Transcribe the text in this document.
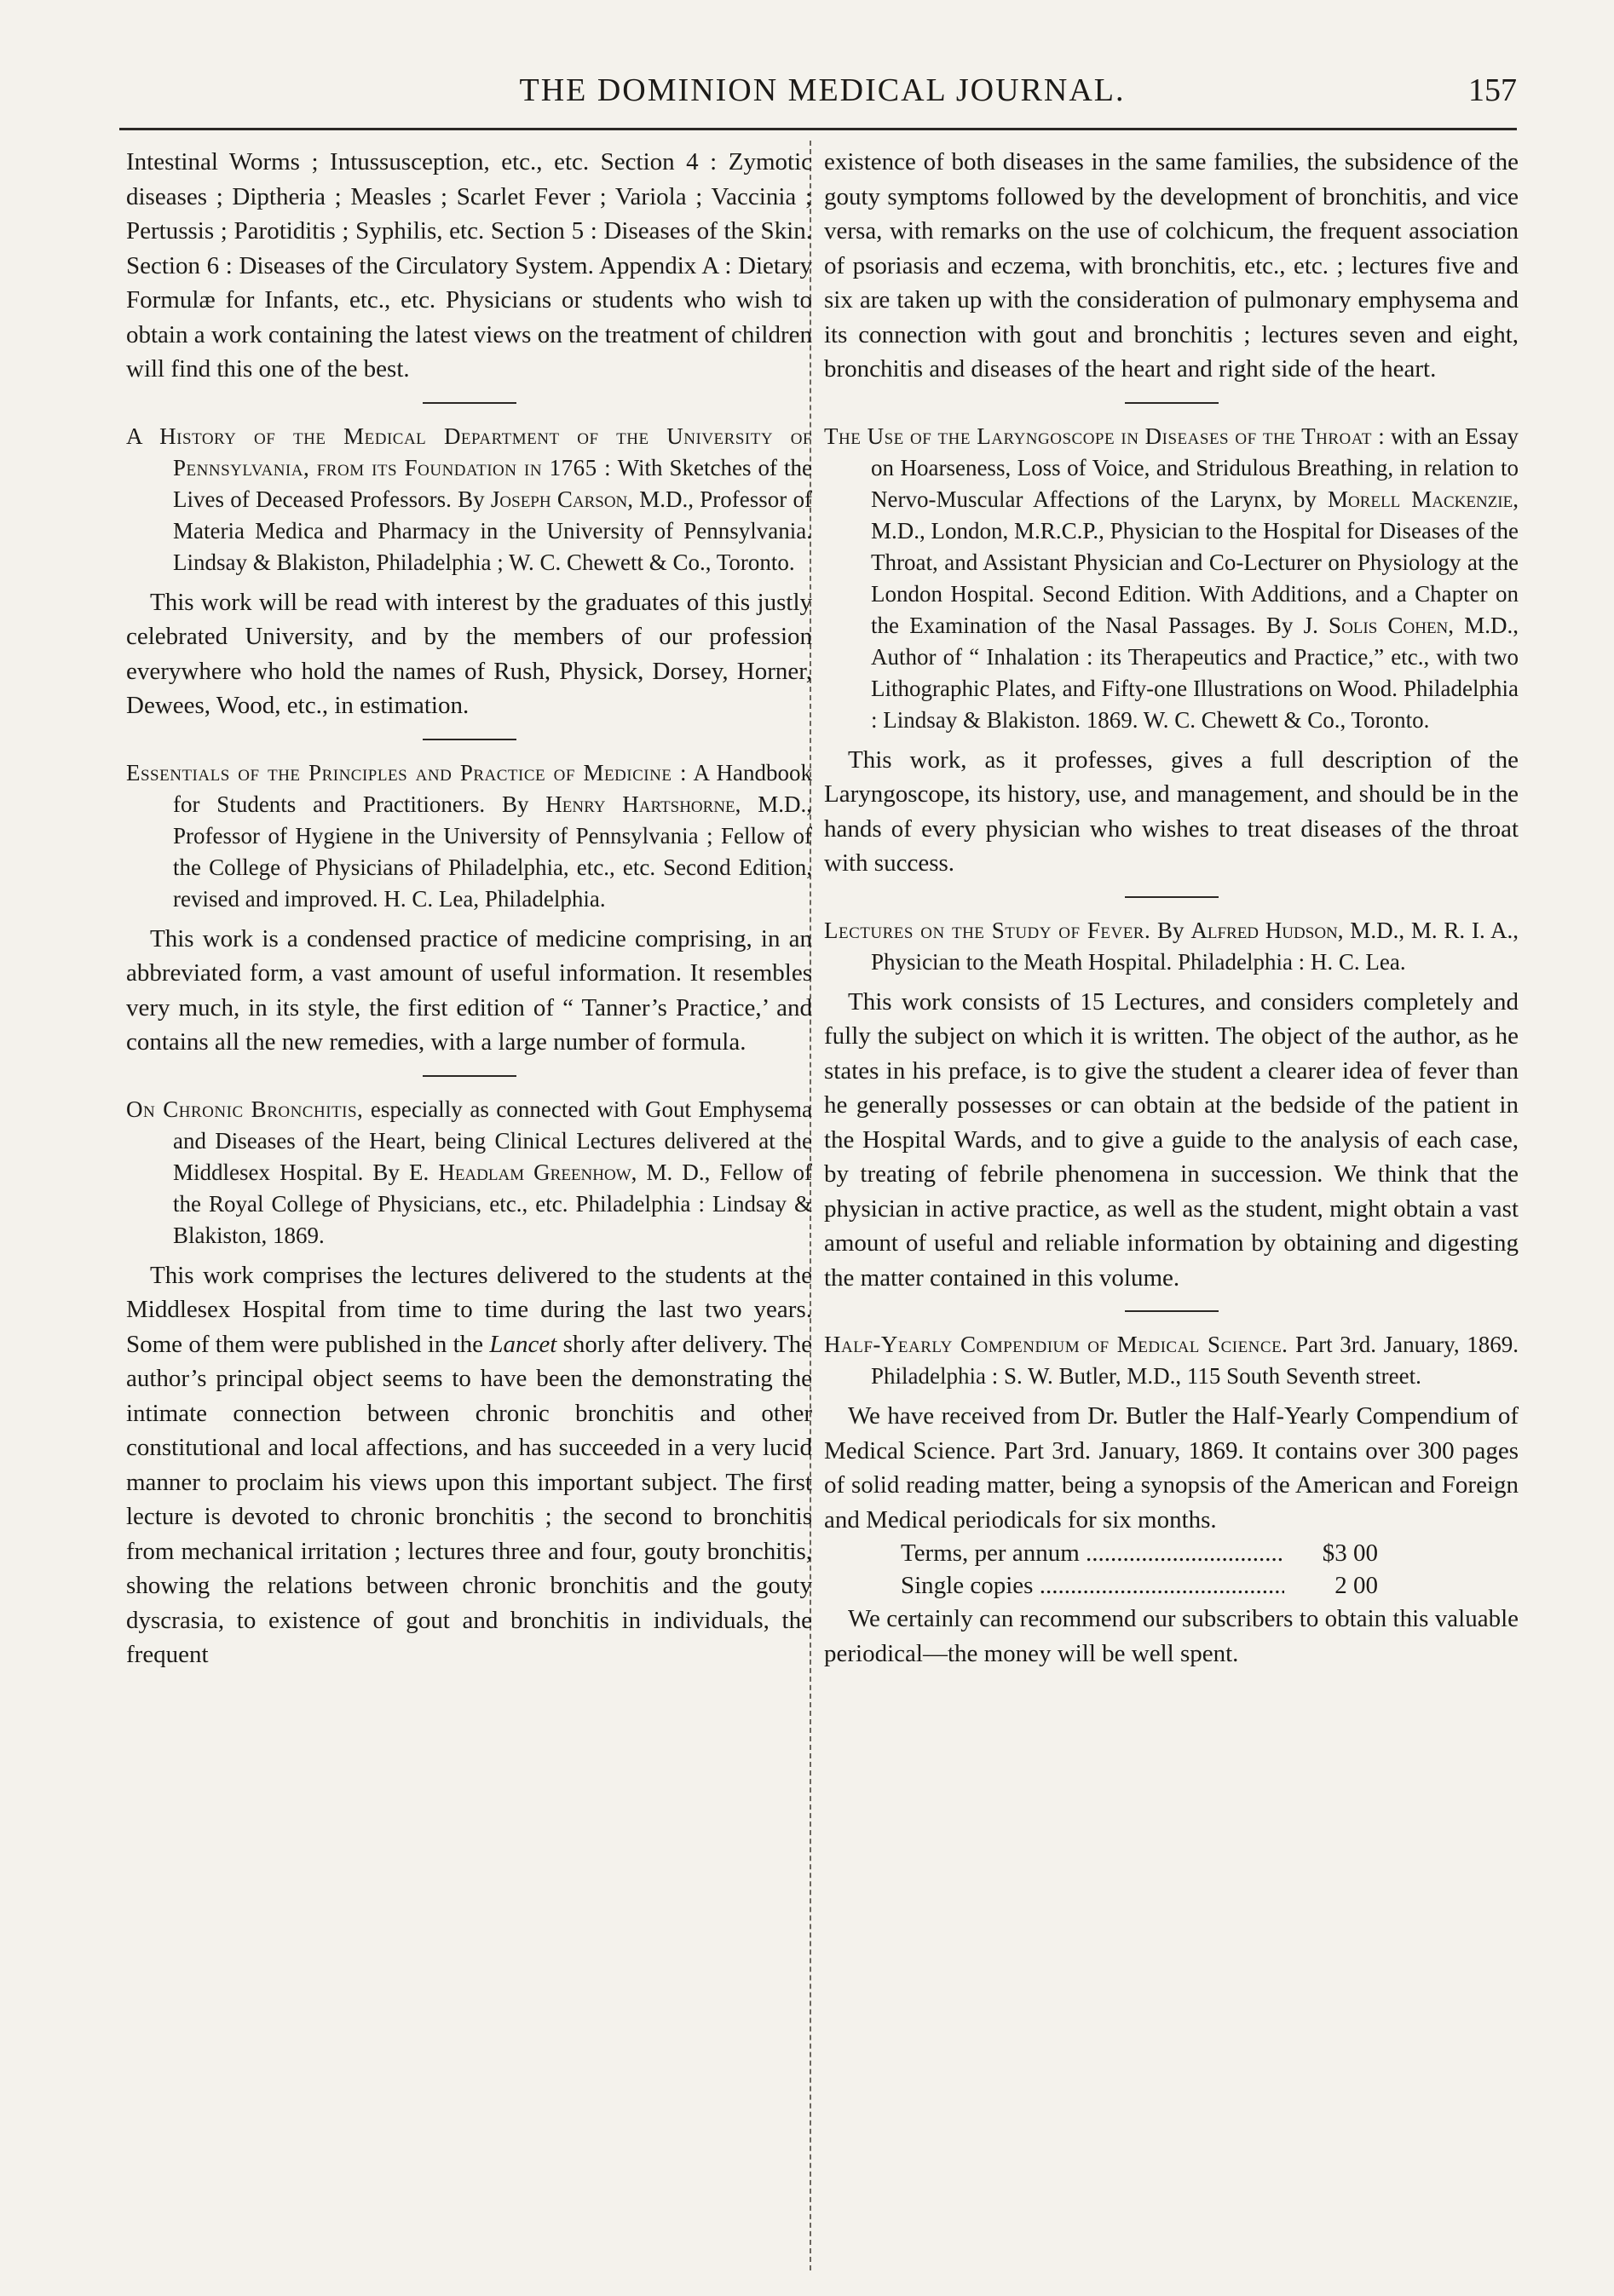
THE DOMINION MEDICAL JOURNAL.	157

Intestinal Worms ; Intussusception, etc., etc. Section 4 : Zymotic diseases ; Diptheria ; Measles ; Scarlet Fever ; Variola ; Vaccinia ; Pertussis ; Parotiditis ; Syphilis, etc. Section 5 : Diseases of the Skin. Section 6 : Diseases of the Circulatory System. Appendix A : Dietary Formulæ for Infants, etc., etc. Physicians or students who wish to obtain a work containing the latest views on the treatment of children will find this one of the best.

A History of the Medical Department of the University of Pennsylvania, from its Foundation in 1765 : With Sketches of the Lives of Deceased Professors. By Joseph Carson, M.D., Professor of Materia Medica and Pharmacy in the University of Pennsylvania. Lindsay & Blakiston, Philadelphia ; W. C. Chewett & Co., Toronto.

This work will be read with interest by the graduates of this justly celebrated University, and by the members of our profession everywhere who hold the names of Rush, Physick, Dorsey, Horner, Dewees, Wood, etc., in estimation.

Essentials of the Principles and Practice of Medicine : A Handbook for Students and Practitioners. By Henry Hartshorne, M.D., Professor of Hygiene in the University of Pennsylvania ; Fellow of the College of Physicians of Philadelphia, etc., etc. Second Edition, revised and improved. H. C. Lea, Philadelphia.

This work is a condensed practice of medicine comprising, in an abbreviated form, a vast amount of useful information. It resembles very much, in its style, the first edition of “ Tanner’s Practice,’ and contains all the new remedies, with a large number of formula.

On Chronic Bronchitis, especially as connected with Gout Emphysema and Diseases of the Heart, being Clinical Lectures delivered at the Middlesex Hospital. By E. Headlam Greenhow, M. D., Fellow of the Royal College of Physicians, etc., etc. Philadelphia : Lindsay & Blakiston, 1869.

This work comprises the lectures delivered to the students at the Middlesex Hospital from time to time during the last two years. Some of them were published in the Lancet shorly after delivery. The author’s principal object seems to have been the demonstrating the intimate connection between chronic bronchitis and other constitutional and local affections, and has succeeded in a very lucid manner to proclaim his views upon this important subject. The first lecture is devoted to chronic bronchitis ; the second to bronchitis from mechanical irritation ; lectures three and four, gouty bronchitis, showing the relations between chronic bronchitis and the gouty dyscrasia, to existence of gout and bronchitis in individuals, the frequent

existence of both diseases in the same families, the subsidence of the gouty symptoms followed by the development of bronchitis, and vice versa, with remarks on the use of colchicum, the frequent association of psoriasis and eczema, with bronchitis, etc., etc. ; lectures five and six are taken up with the consideration of pulmonary emphysema and its connection with gout and bronchitis ; lectures seven and eight, bronchitis and diseases of the heart and right side of the heart.

The Use of the Laryngoscope in Diseases of the Throat : with an Essay on Hoarseness, Loss of Voice, and Stridulous Breathing, in relation to Nervo-Muscular Affections of the Larynx, by Morell Mackenzie, M.D., London, M.R.C.P., Physician to the Hospital for Diseases of the Throat, and Assistant Physician and Co-Lecturer on Physiology at the London Hospital. Second Edition. With Additions, and a Chapter on the Examination of the Nasal Passages. By J. Solis Cohen, M.D., Author of “ Inhalation : its Therapeutics and Practice,” etc., with two Lithographic Plates, and Fifty-one Illustrations on Wood. Philadelphia : Lindsay & Blakiston. 1869. W. C. Chewett & Co., Toronto.

This work, as it professes, gives a full description of the Laryngoscope, its history, use, and management, and should be in the hands of every physician who wishes to treat diseases of the throat with success.

Lectures on the Study of Fever. By Alfred Hudson, M.D., M. R. I. A., Physician to the Meath Hospital. Philadelphia : H. C. Lea.

This work consists of 15 Lectures, and considers completely and fully the subject on which it is written. The object of the author, as he states in his preface, is to give the student a clearer idea of fever than he generally possesses or can obtain at the bedside of the patient in the Hospital Wards, and to give a guide to the analysis of each case, by treating of febrile phenomena in succession. We think that the physician in active practice, as well as the student, might obtain a vast amount of useful and reliable information by obtaining and digesting the matter contained in this volume.

Half-Yearly Compendium of Medical Science. Part 3rd. January, 1869. Philadelphia : S. W. Butler, M.D., 115 South Seventh street.

We have received from Dr. Butler the Half-Yearly Compendium of Medical Science. Part 3rd. January, 1869. It contains over 300 pages of solid reading matter, being a synopsis of the American and Foreign and Medical periodicals for six months.

Terms, per annum .....	$3 00
Single copies .....	2 00

We certainly can recommend our subscribers to obtain this valuable periodical—the money will be well spent.
